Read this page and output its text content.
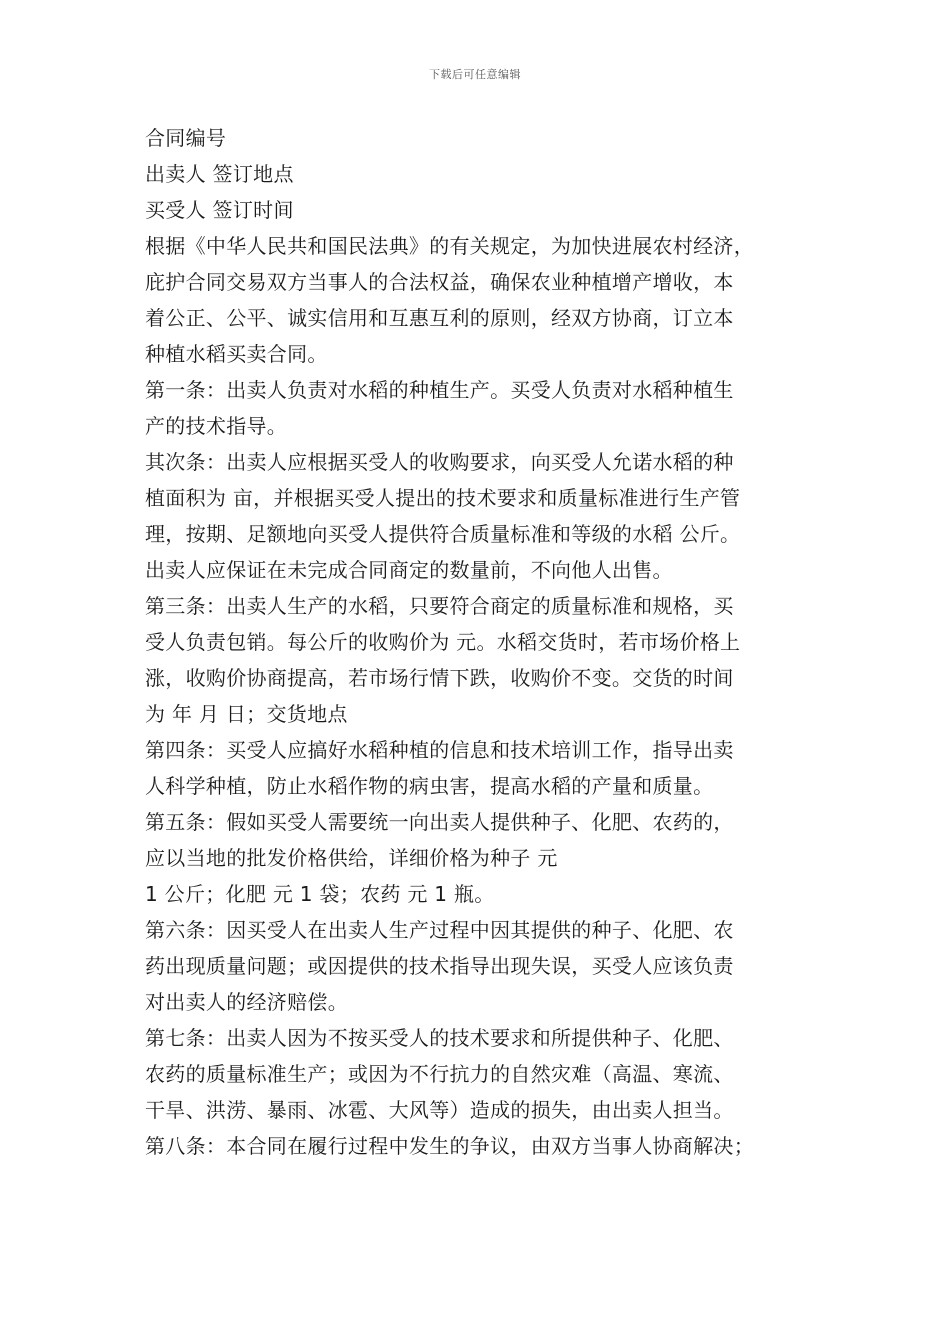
下载后可任意编辑
合同编号
出卖人 签订地点
买受人 签订时间
根据《中华人民共和国民法典》的有关规定，为加快进展农村经济，
庇护合同交易双方当事人的合法权益，确保农业种植增产增收，本
着公正、公平、诚实信用和互惠互利的原则，经双方协商，订立本
种植水稻买卖合同。
第一条：出卖人负责对水稻的种植生产。买受人负责对水稻种植生
产的技术指导。
其次条：出卖人应根据买受人的收购要求，向买受人允诺水稻的种
植面积为 亩，并根据买受人提出的技术要求和质量标准进行生产管
理，按期、足额地向买受人提供符合质量标准和等级的水稻 公斤。
出卖人应保证在未完成合同商定的数量前，不向他人出售。
第三条：出卖人生产的水稻，只要符合商定的质量标准和规格，买
受人负责包销。每公斤的收购价为 元。水稻交货时，若市场价格上
涨，收购价协商提高，若市场行情下跌，收购价不变。交货的时间
为 年 月 日；交货地点
第四条：买受人应搞好水稻种植的信息和技术培训工作，指导出卖
人科学种植，防止水稻作物的病虫害，提高水稻的产量和质量。
第五条：假如买受人需要统一向出卖人提供种子、化肥、农药的，
应以当地的批发价格供给，详细价格为种子 元
1 公斤；化肥 元 1 袋；农药 元 1 瓶。
第六条：因买受人在出卖人生产过程中因其提供的种子、化肥、农
药出现质量问题；或因提供的技术指导出现失误，买受人应该负责
对出卖人的经济赔偿。
第七条：出卖人因为不按买受人的技术要求和所提供种子、化肥、
农药的质量标准生产；或因为不行抗力的自然灾难（高温、寒流、
干旱、洪涝、暴雨、冰雹、大风等）造成的损失，由出卖人担当。
第八条：本合同在履行过程中发生的争议，由双方当事人协商解决；
